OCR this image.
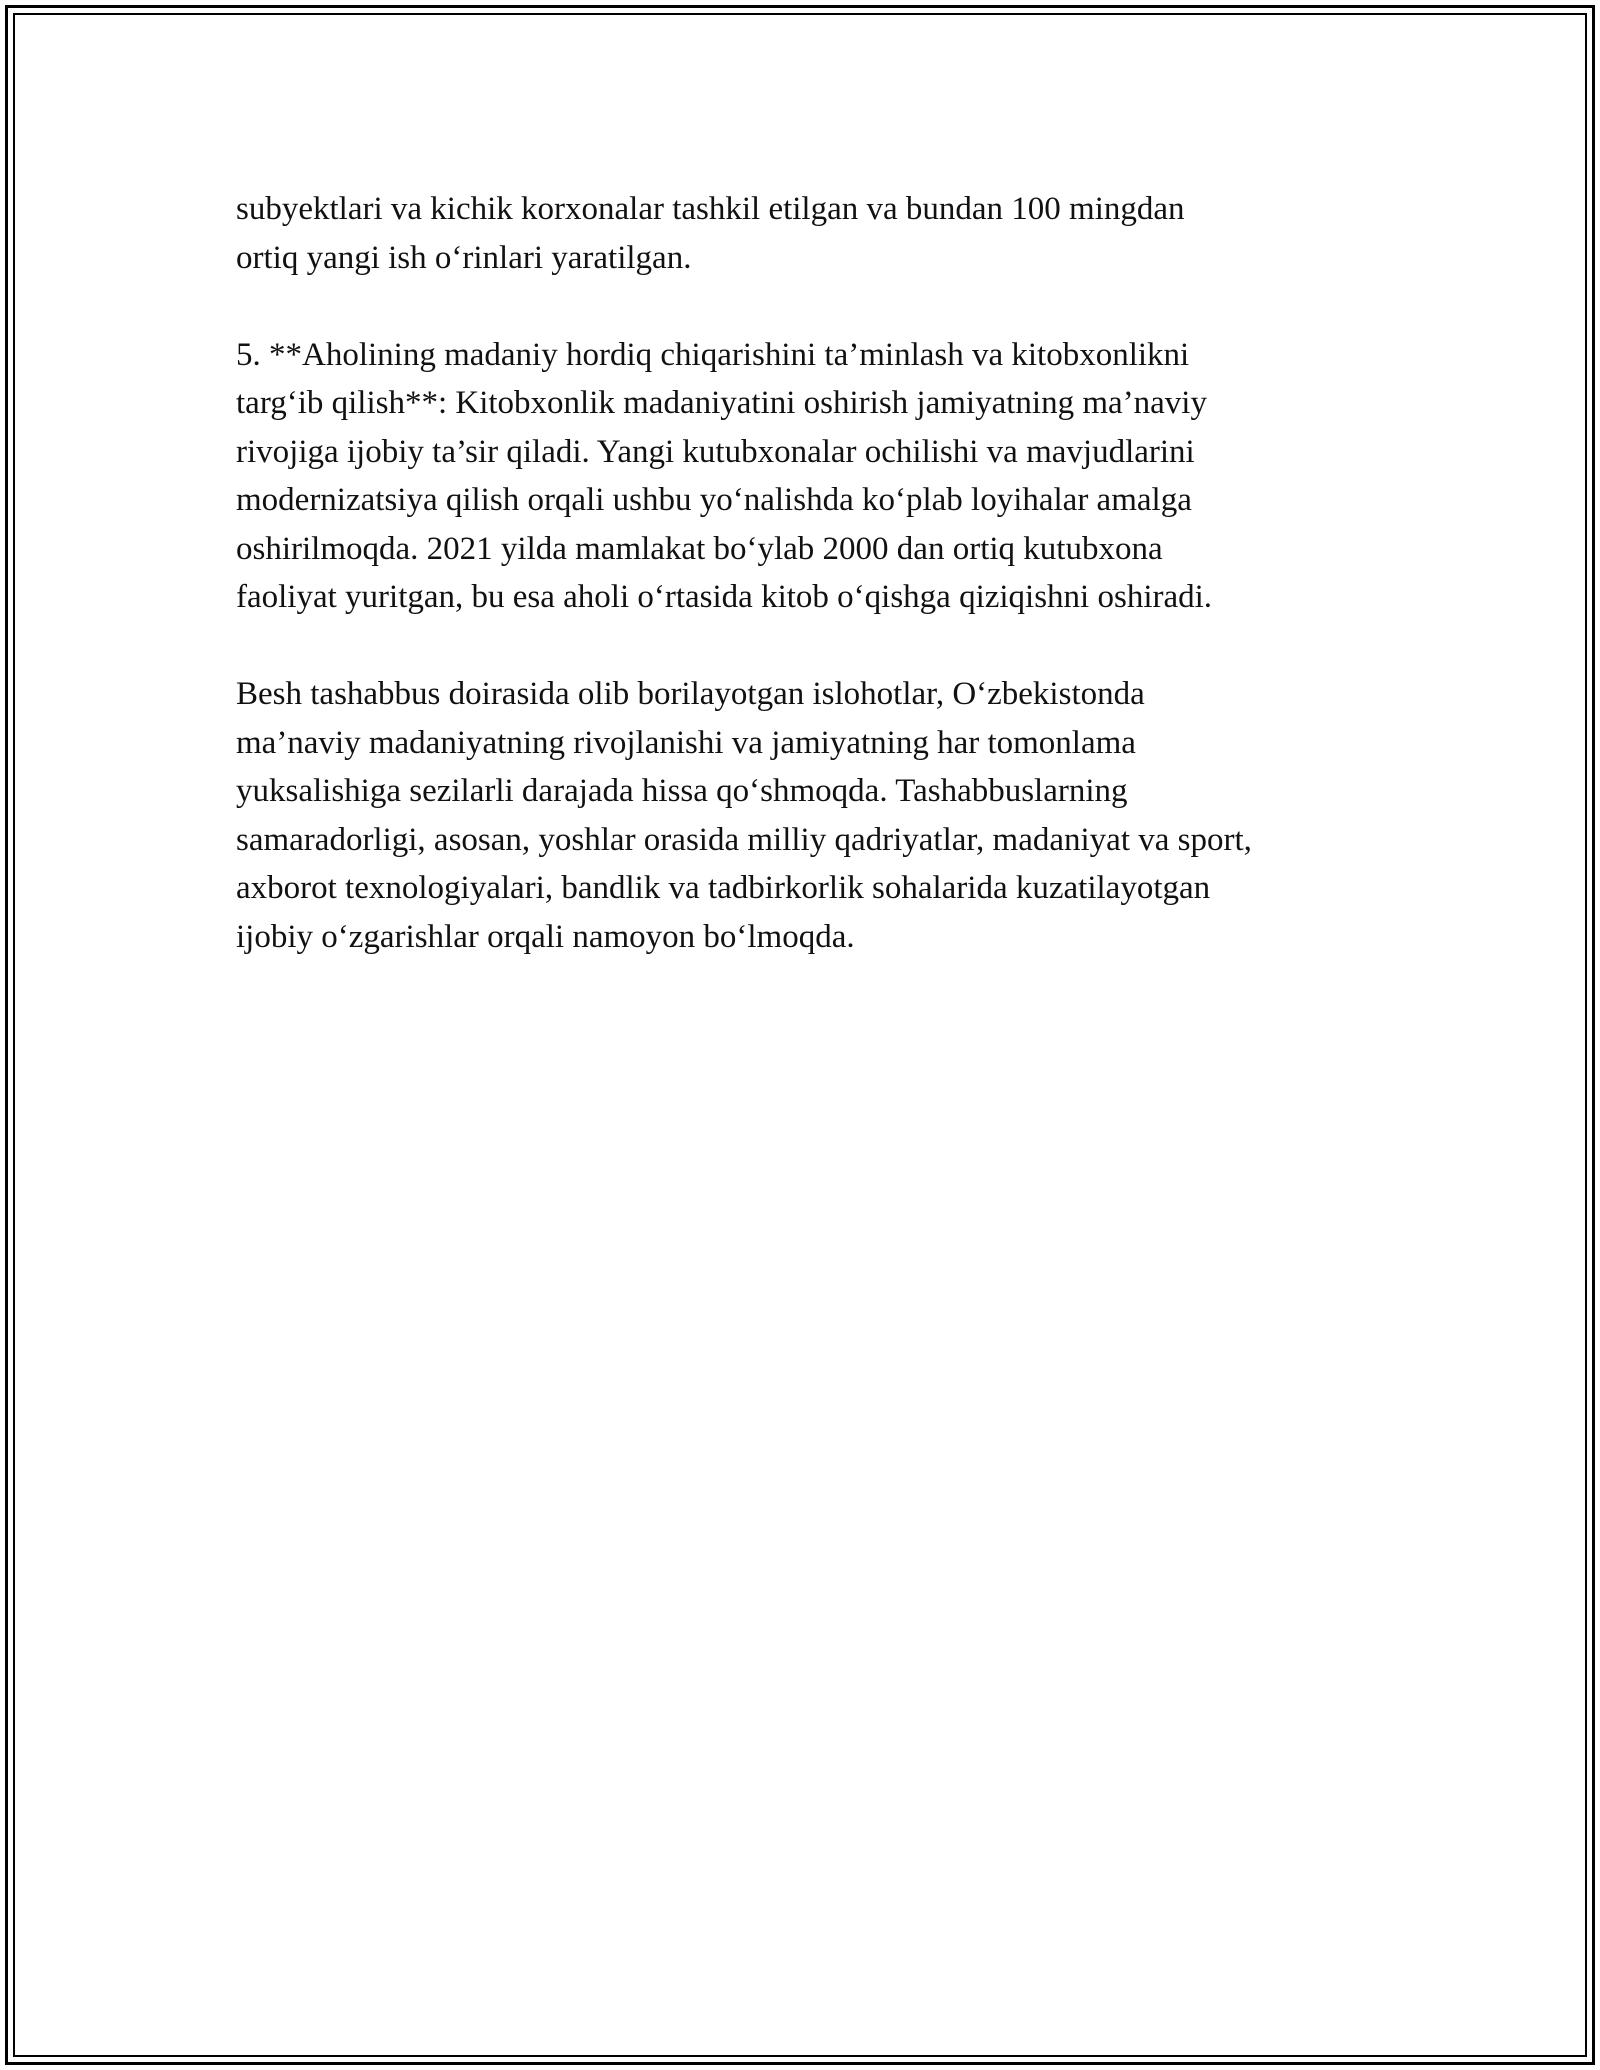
subyektlari va kichik korxonalar tashkil etilgan va bundan 100 mingdan
ortiq yangi ish o‘rinlari yaratilgan.

5. **Aholining madaniy hordiq chiqarishini ta’minlash va kitobxonlikni
targ‘ib qilish**: Kitobxonlik madaniyatini oshirish jamiyatning ma’naviy
rivojiga ijobiy ta’sir qiladi. Yangi kutubxonalar ochilishi va mavjudlarini
modernizatsiya qilish orqali ushbu yo‘nalishda ko‘plab loyihalar amalga
oshirilmoqda. 2021 yilda mamlakat bo‘ylab 2000 dan ortiq kutubxona
faoliyat yuritgan, bu esa aholi o‘rtasida kitob o‘qishga qiziqishni oshiradi.

Besh tashabbus doirasida olib borilayotgan islohotlar, O‘zbekistonda
ma’naviy madaniyatning rivojlanishi va jamiyatning har tomonlama
yuksalishiga sezilarli darajada hissa qo‘shmoqda. Tashabbuslarning
samaradorligi, asosan, yoshlar orasida milliy qadriyatlar, madaniyat va sport,
axborot texnologiyalari, bandlik va tadbirkorlik sohalarida kuzatilayotgan
ijobiy o‘zgarishlar orqali namoyon bo‘lmoqda.
